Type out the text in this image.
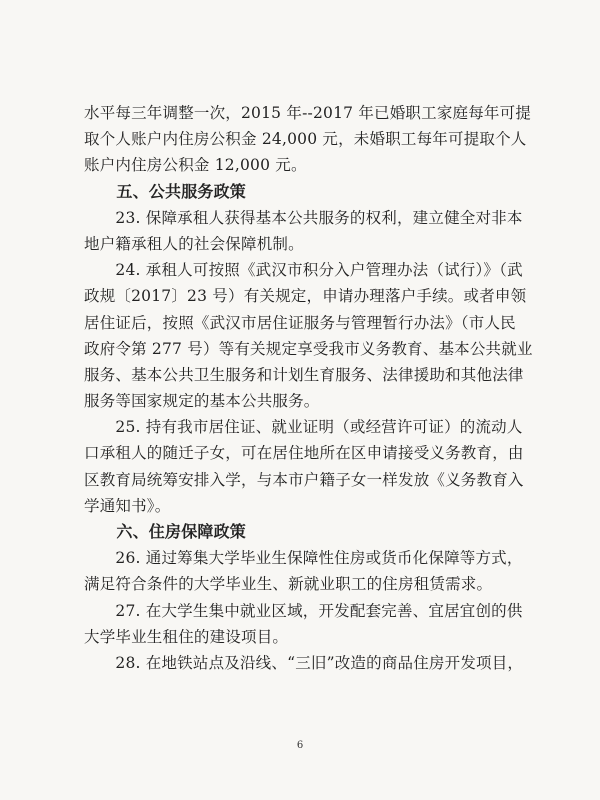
水平每三年调整一次，2015 年--2017 年已婚职工家庭每年可提
取个人账户内住房公积金 24,000 元，未婚职工每年可提取个人
账户内住房公积金 12,000 元。
　　五、公共服务政策
　　23. 保障承租人获得基本公共服务的权利，建立健全对非本
地户籍承租人的社会保障机制。
　　24. 承租人可按照《武汉市积分入户管理办法（试行）》（武
政规〔2017〕23 号）有关规定，申请办理落户手续。或者申领
居住证后，按照《武汉市居住证服务与管理暂行办法》（市人民
政府令第 277 号）等有关规定享受我市义务教育、基本公共就业
服务、基本公共卫生服务和计划生育服务、法律援助和其他法律
服务等国家规定的基本公共服务。
　　25. 持有我市居住证、就业证明（或经营许可证）的流动人
口承租人的随迁子女，可在居住地所在区申请接受义务教育，由
区教育局统筹安排入学，与本市户籍子女一样发放《义务教育入
学通知书》。
　　六、住房保障政策
　　26. 通过筹集大学毕业生保障性住房或货币化保障等方式，
满足符合条件的大学毕业生、新就业职工的住房租赁需求。
　　27. 在大学生集中就业区域，开发配套完善、宜居宜创的供
大学毕业生租住的建设项目。
　　28. 在地铁站点及沿线、“三旧”改造的商品住房开发项目，
6
